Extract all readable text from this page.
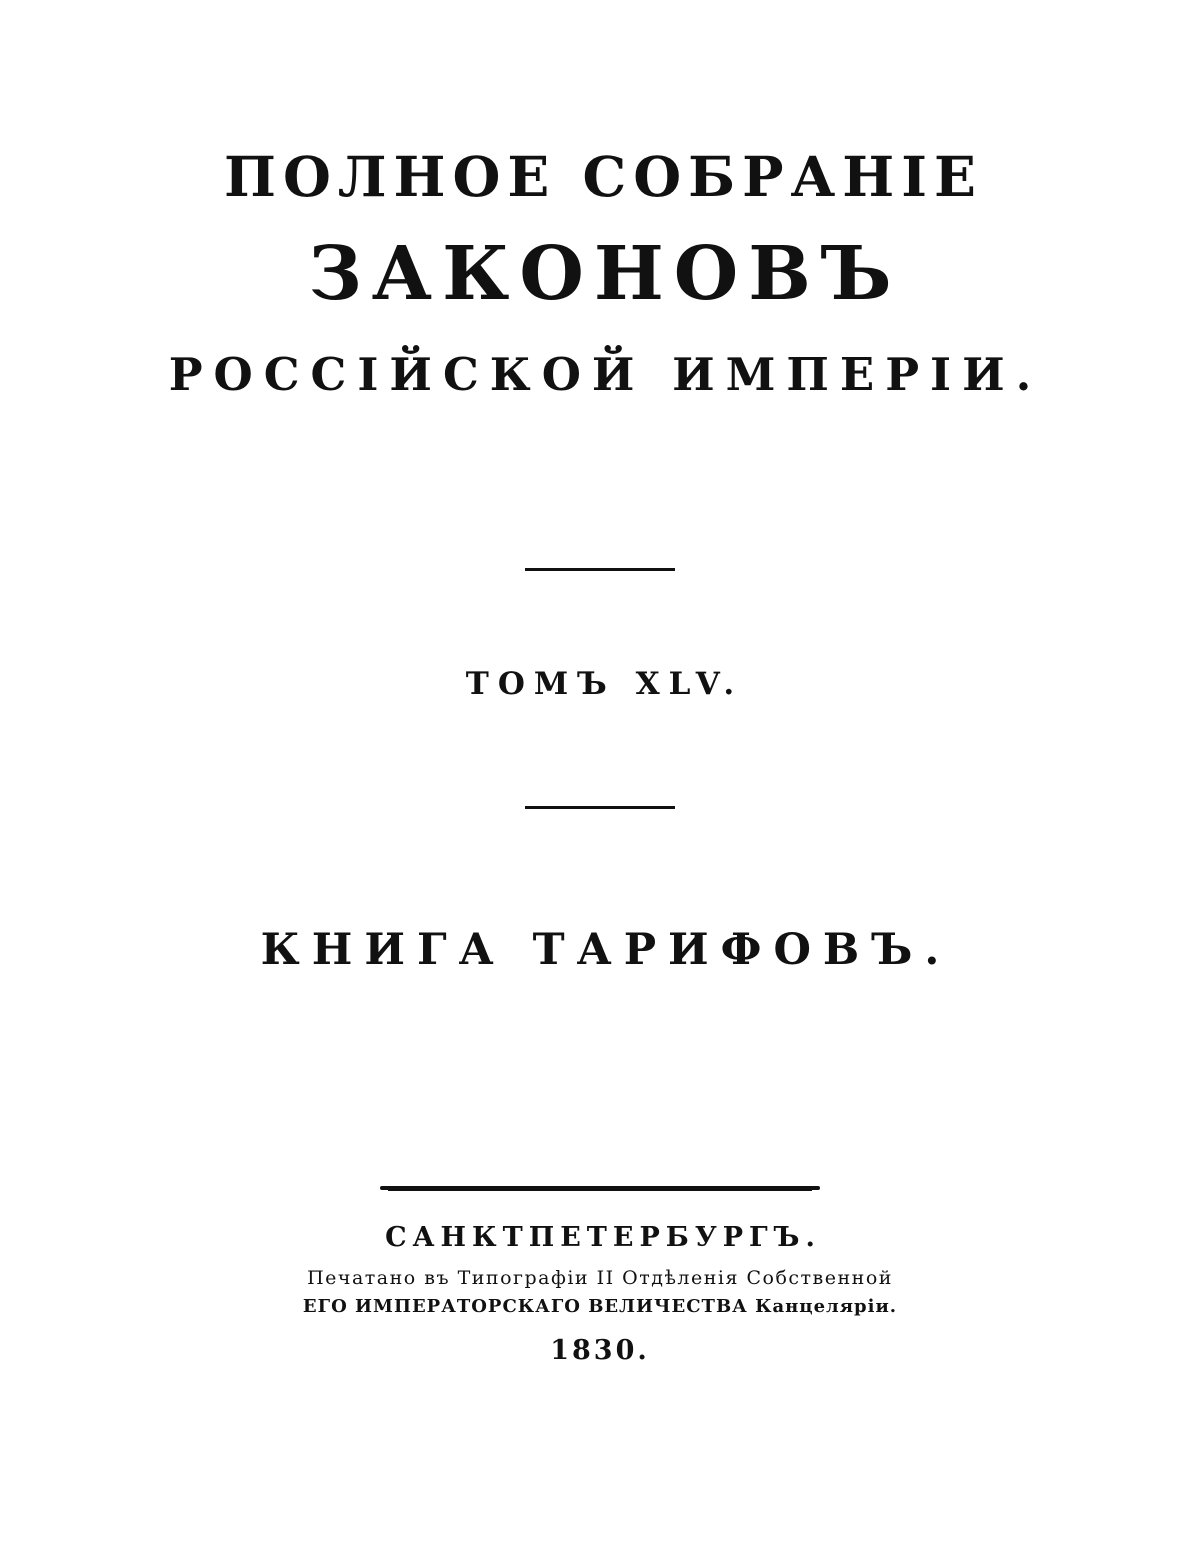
ПОЛНОЕ СОБРАНІЕ
ЗАКОНОВЪ
РОССІЙСКОЙ ИМПЕРІИ.
ТОМЪ XLV.
КНИГА ТАРИФОВЪ.
САНКТПЕТЕРБУРГЪ.
Печатано въ Типографіи II Отдѣленія Собственной
ЕГО ИМПЕРАТОРСКАГО ВЕЛИЧЕСТВА Канцеляріи.
1830.
